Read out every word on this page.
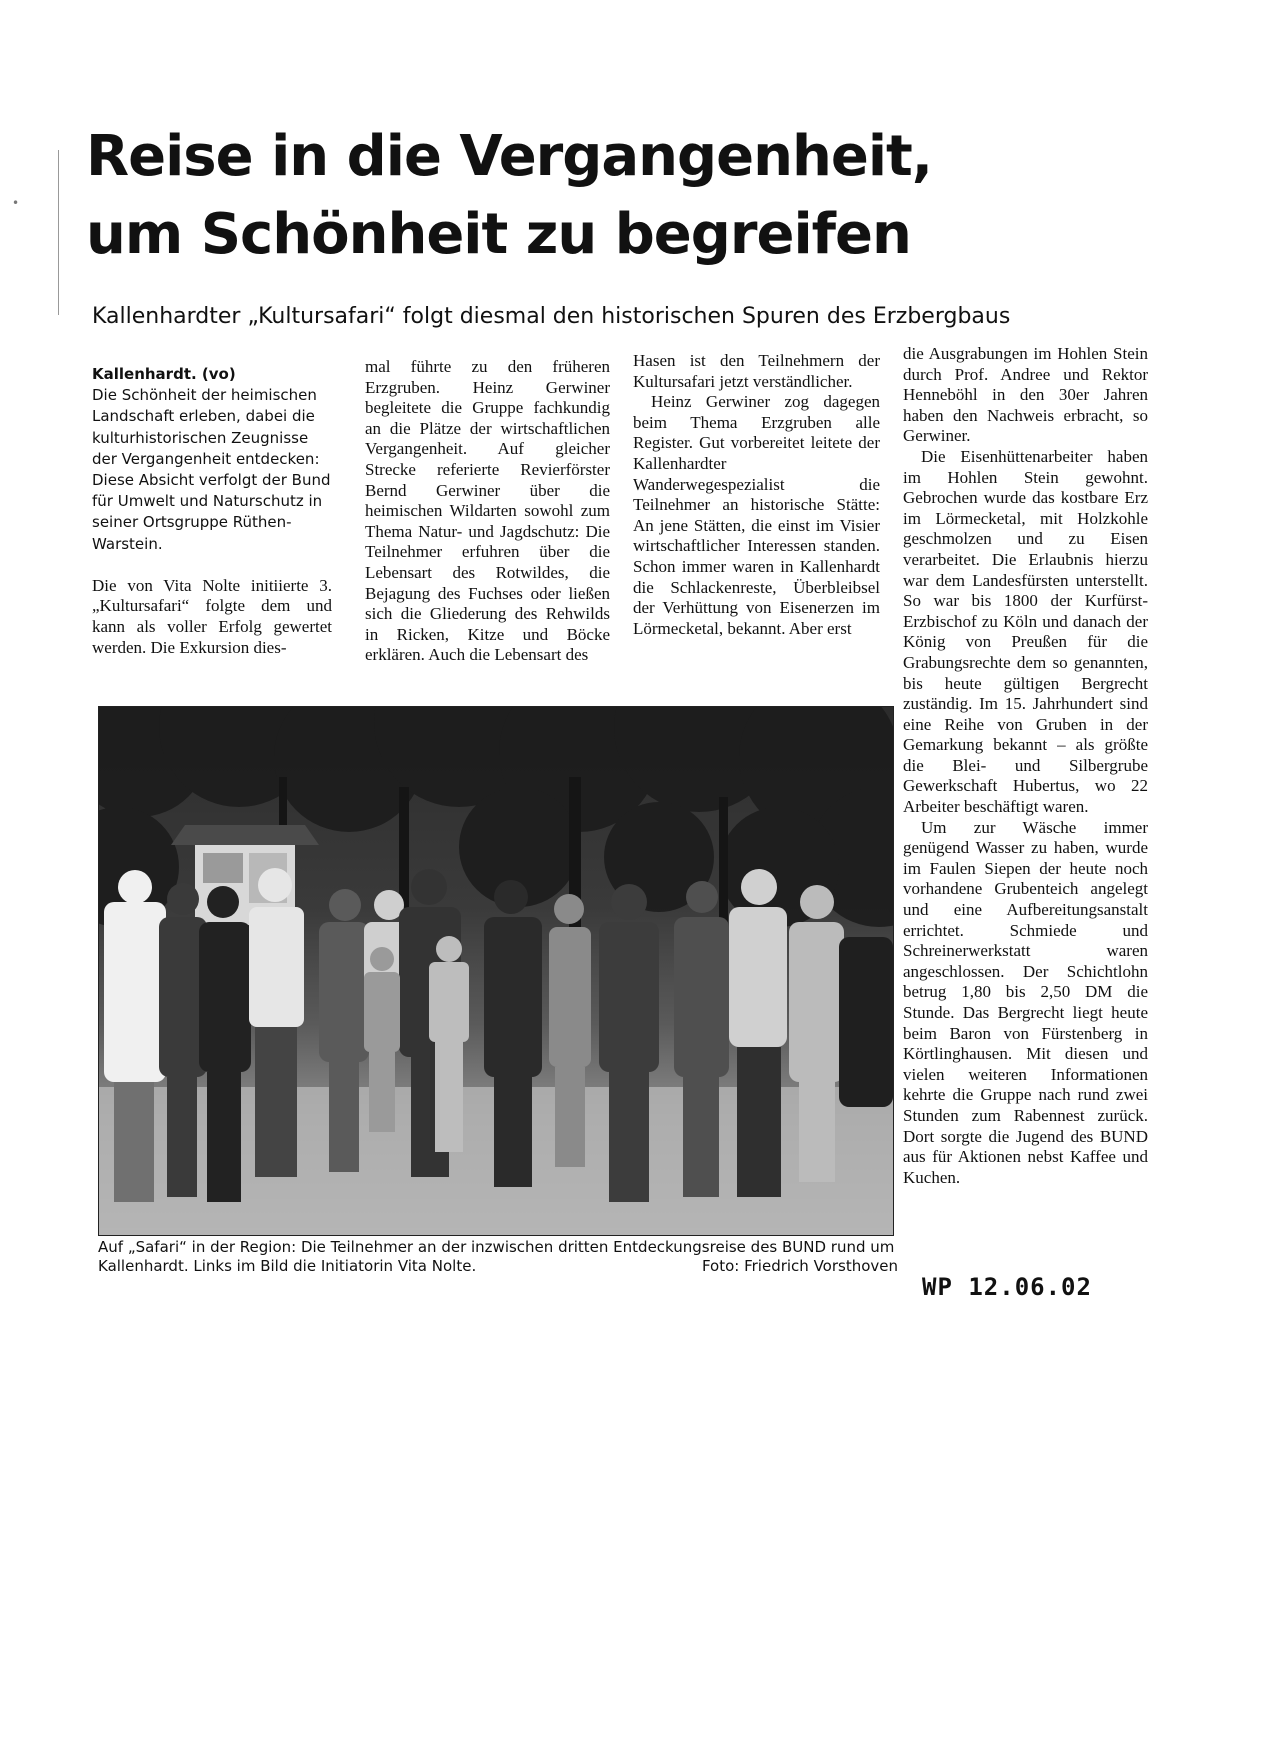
•
Reise in die Vergangenheit,
um Schönheit zu begreifen

Kallenhardter „Kultursafari“ folgt diesmal den historischen Spuren des Erzbergbaus

Kallenhardt. (vo)
Die Schönheit der heimischen Landschaft erleben, dabei die kulturhistorischen Zeugnisse der Vergangenheit entdecken: Diese Absicht verfolgt der Bund für Umwelt und Naturschutz in seiner Ortsgruppe Rüthen-Warstein.
Die von Vita Nolte initiierte 3. „Kultursafari“ folgte dem und kann als voller Erfolg gewertet werden. Die Exkursion dies-
mal führte zu den früheren Erzgruben. Heinz Gerwiner begleitete die Gruppe fachkundig an die Plätze der wirtschaftlichen Vergangenheit. Auf gleicher Strecke referierte Revierförster Bernd Gerwiner über die heimischen Wildarten sowohl zum Thema Natur- und Jagdschutz: Die Teilnehmer erfuhren über die Lebensart des Rotwildes, die Bejagung des Fuchses oder ließen sich die Gliederung des Rehwilds in Ricken, Kitze und Böcke erklären. Auch die Lebensart des
Hasen ist den Teilnehmern der Kultursafari jetzt verständlicher.
Heinz Gerwiner zog dagegen beim Thema Erzgruben alle Register. Gut vorbereitet leitete der Kallenhardter Wanderwegespezialist die Teilnehmer an historische Stätte: An jene Stätten, die einst im Visier wirtschaftlicher Interessen standen. Schon immer waren in Kallenhardt die Schlackenreste, Überbleibsel der Verhüttung von Eisenerzen im Lörmecketal, bekannt. Aber erst
die Ausgrabungen im Hohlen Stein durch Prof. Andree und Rektor Henneböhl in den 30er Jahren haben den Nachweis erbracht, so Gerwiner.
Die Eisenhüttenarbeiter haben im Hohlen Stein gewohnt. Gebrochen wurde das kostbare Erz im Lörmecketal, mit Holzkohle geschmolzen und zu Eisen verarbeitet. Die Erlaubnis hierzu war dem Landesfürsten unterstellt. So war bis 1800 der Kurfürst-Erzbischof zu Köln und danach der König von Preußen für die Grabungsrechte dem so genannten, bis heute gültigen Bergrecht zuständig. Im 15. Jahrhundert sind eine Reihe von Gruben in der Gemarkung bekannt – als größte die Blei- und Silbergrube Gewerkschaft Hubertus, wo 22 Arbeiter beschäftigt waren.
Um zur Wäsche immer genügend Wasser zu haben, wurde im Faulen Siepen der heute noch vorhandene Grubenteich angelegt und eine Aufbereitungsanstalt errichtet. Schmiede und Schreinerwerkstatt waren angeschlossen. Der Schichtlohn betrug 1,80 bis 2,50 DM die Stunde. Das Bergrecht liegt heute beim Baron von Fürstenberg in Körtlinghausen. Mit diesen und vielen weiteren Informationen kehrte die Gruppe nach rund zwei Stunden zum Rabennest zurück. Dort sorgte die Jugend des BUND aus für Aktionen nebst Kaffee und Kuchen.
Auf „Safari“ in der Region: Die Teilnehmer an der inzwischen dritten Entdeckungsreise des BUND rund um Kallenhardt. Links im Bild die Initiatorin Vita Nolte.	Foto: Friedrich Vorsthoven

WP 12.06.02
